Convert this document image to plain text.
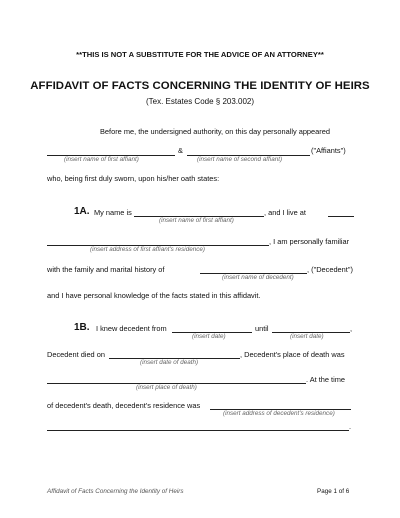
**THIS IS NOT A SUBSTITUTE FOR THE ADVICE OF AN ATTORNEY**
AFFIDAVIT OF FACTS CONCERNING THE IDENTITY OF HEIRS
(Tex. Estates Code § 203.002)
Before me, the undersigned authority, on this day personally appeared
&	("Affiants")
(insert name of first affiant)	(insert name of second affiant)
who, being first duly sworn, upon his/her oath states:
1A. My name is	, and I live at
(insert name of first affiant)
, I am personally familiar
(insert address of first affiant's residence)
with the family and marital history of	, ("Decedent")
(insert name of decedent)
and I have personal knowledge of the facts stated in this affidavit.
1B. I knew decedent from	until	,
(insert date)	(insert date)
Decedent died on	, Decedent's place of death was
(insert date of death)
. At the time
(insert place of death)
of decedent's death, decedent's residence was
(insert address of decedent's residence)
.
Affidavit of Facts Concerning the Identity of Heirs	Page 1 of 6
